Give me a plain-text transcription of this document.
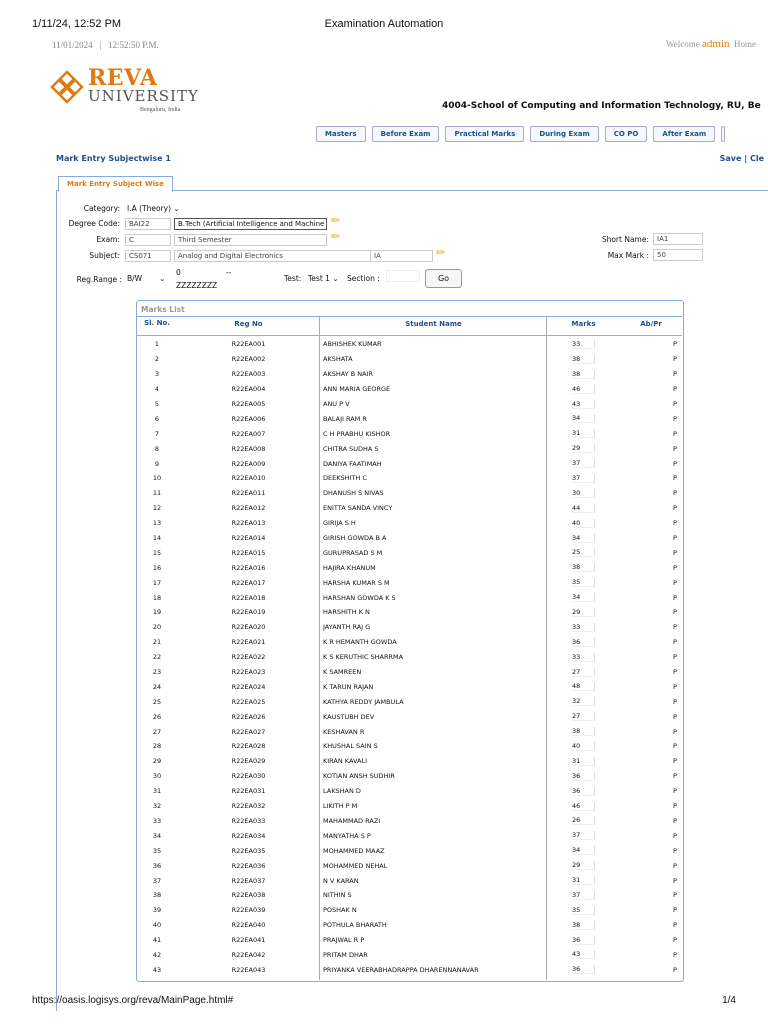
1/11/24, 12:52 PM	Examination Automation
11/01/2024 | 12:52:50 P.M.	Welcome admin Home
REVA
UNIVERSITY
Bengaluru, India	4004-School of Computing and Information Technology, RU, Be
Masters	Before Exam	Practical Marks	During Exam	CO PO	After Exam
Mark Entry Subjectwise 1	Save | Cle
Mark Entry Subject Wise
Category: I.A (Theory) ⌄
Degree Code:	BAI22	B.Tech (Artificial Intelligence and Machine ✏
Exam:	C	Third Semester	✏
Subject:	CS071	Analog and Digital Electronics	IA	✏
Short Name:	IA1
Max Mark :	50
Reg.Range : B/W ⌄
0	--
ZZZZZZZZ
Test: Test 1 ⌄ Section :	Go
Marks List
Sl. No.	Reg No	Student Name	Marks	Ab/Pr
1	R22EA001	ABHISHEK KUMAR	33	P
2	R22EA002	AKSHATA	38	P
3	R22EA003	AKSHAY B NAIR	38	P
4	R22EA004	ANN MARIA GEORGE	46	P
5	R22EA005	ANU P V	43	P
6	R22EA006	BALAJI RAM R	34	P
7	R22EA007	C H PRABHU KISHOR	31	P
8	R22EA008	CHITRA SUDHA S	29	P
9	R22EA009	DANIYA FAATIMAH	37	P
10	R22EA010	DEEKSHITH C	37	P
11	R22EA011	DHANUSH S NIVAS	30	P
12	R22EA012	ENITTA SANDA VINCY	44	P
13	R22EA013	GIRIJA S H	40	P
14	R22EA014	GIRISH GOWDA B A	34	P
15	R22EA015	GURUPRASAD S M	25	P
16	R22EA016	HAJIRA KHANUM	38	P
17	R22EA017	HARSHA KUMAR S M	35	P
18	R22EA018	HARSHAN GOWDA K S	34	P
19	R22EA019	HARSHITH K N	29	P
20	R22EA020	JAYANTH RAJ G	33	P
21	R22EA021	K R HEMANTH GOWDA	36	P
22	R22EA022	K S KERUTHIC SHARRMA	33	P
23	R22EA023	K SAMREEN	27	P
24	R22EA024	K TARUN RAJAN	48	P
25	R22EA025	KATHYA REDDY JAMBULA	32	P
26	R22EA026	KAUSTUBH DEV	27	P
27	R22EA027	KESHAVAN R	38	P
28	R22EA028	KHUSHAL SAIN S	40	P
29	R22EA029	KIRAN KAVALI	31	P
30	R22EA030	KOTIAN ANSH SUDHIR	36	P
31	R22EA031	LAKSHAN D	36	P
32	R22EA032	LIKITH P M	46	P
33	R22EA033	MAHAMMAD RAZI	26	P
34	R22EA034	MANYATHA S P	37	P
35	R22EA035	MOHAMMED MAAZ	34	P
36	R22EA036	MOHAMMED NEHAL	29	P
37	R22EA037	N V KARAN	31	P
38	R22EA038	NITHIN S	37	P
39	R22EA039	POSHAK N	35	P
40	R22EA040	POTHULA BHARATH	38	P
41	R22EA041	PRAJWAL R P	36	P
42	R22EA042	PRITAM DHAR	43	P
43	R22EA043	PRIYANKA VEERABHADRAPPA DHARENNANAVAR	36	P
https://oasis.logisys.org/reva/MainPage.html#	1/4
